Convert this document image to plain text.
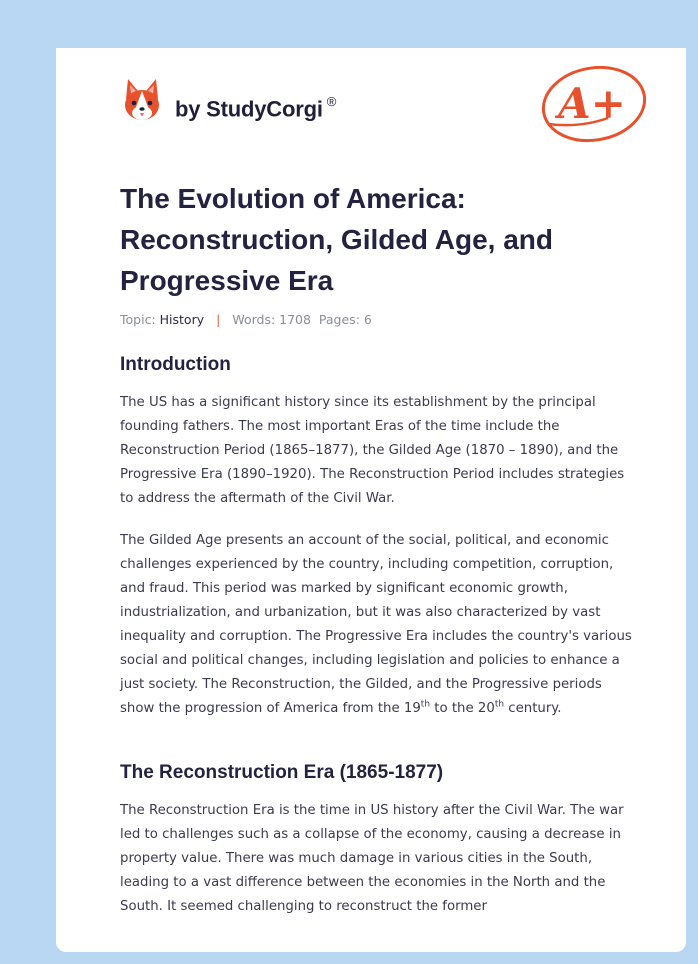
by StudyCorgi ®	A+
The Evolution of America: Reconstruction, Gilded Age, and Progressive Era
Topic: History | Words: 1708 Pages: 6
Introduction

The US has a significant history since its establishment by the principal founding fathers. The most important Eras of the time include the Reconstruction Period (1865–1877), the Gilded Age (1870 – 1890), and the Progressive Era (1890–1920). The Reconstruction Period includes strategies to address the aftermath of the Civil War.

The Gilded Age presents an account of the social, political, and economic challenges experienced by the country, including competition, corruption, and fraud. This period was marked by significant economic growth, industrialization, and urbanization, but it was also characterized by vast inequality and corruption. The Progressive Era includes the country's various social and political changes, including legislation and policies to enhance a just society. The Reconstruction, the Gilded, and the Progressive periods show the progression of America from the 19th to the 20th century.

The Reconstruction Era (1865-1877)

The Reconstruction Era is the time in US history after the Civil War. The war led to challenges such as a collapse of the economy, causing a decrease in property value. There was much damage in various cities in the South, leading to a vast difference between the economies in the North and the South. It seemed challenging to reconstruct the former
